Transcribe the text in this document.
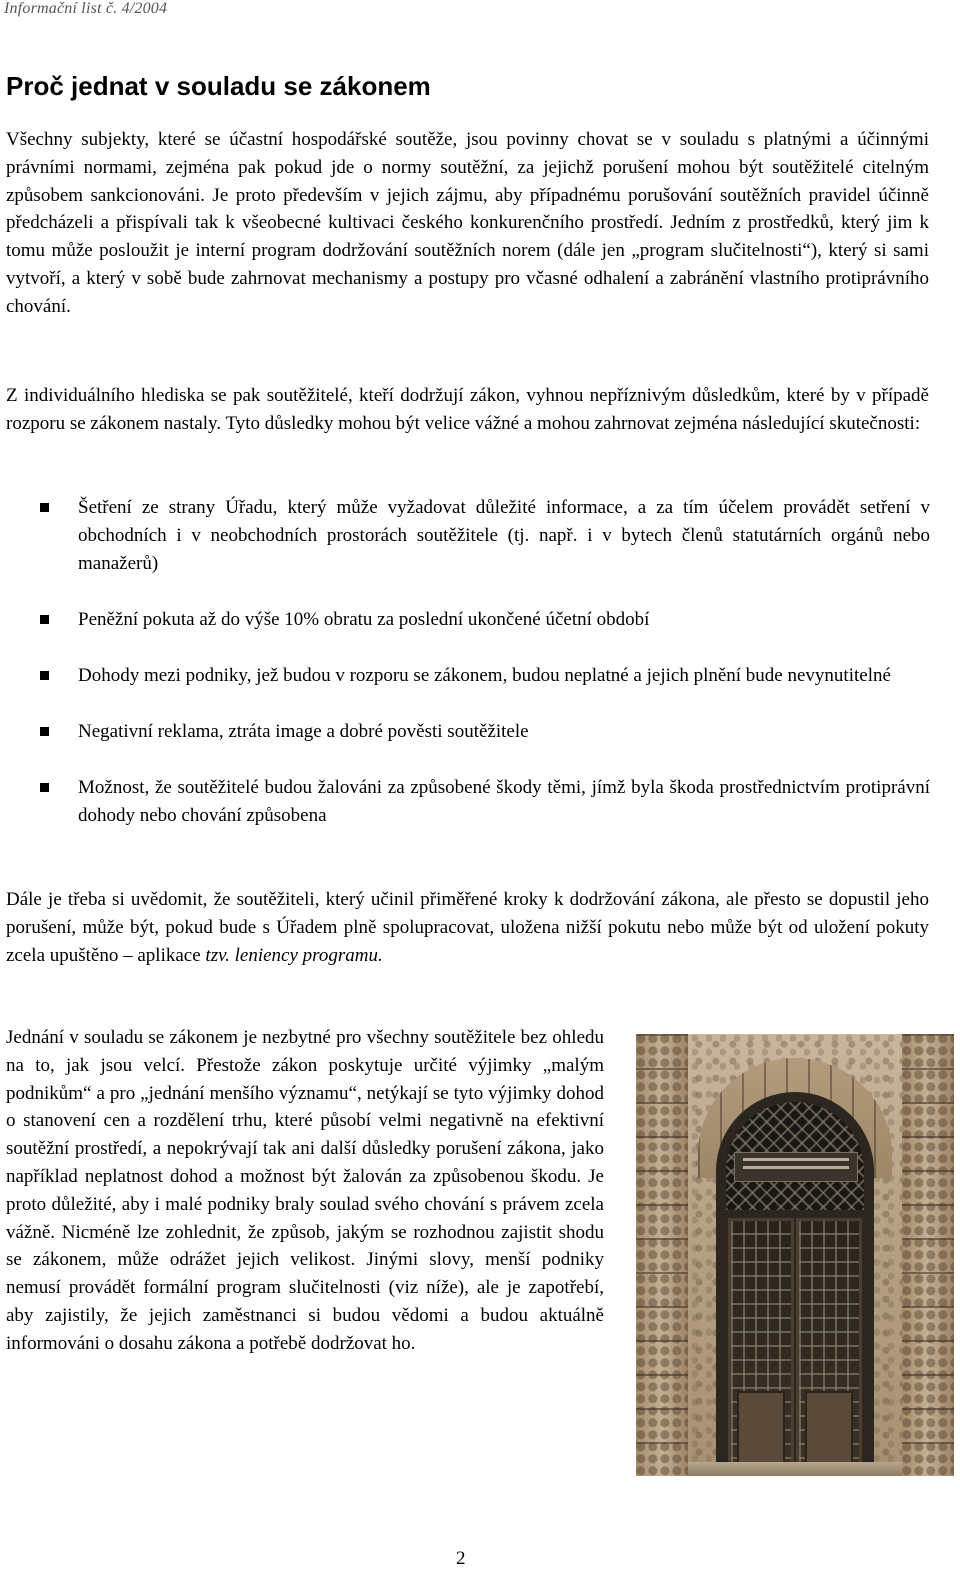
Informační list č. 4/2004
Proč jednat v souladu se zákonem

Všechny subjekty, které se účastní hospodářské soutěže, jsou povinny chovat se v souladu s platnými a účinnými právními normami, zejména pak pokud jde o normy soutěžní, za jejichž porušení mohou být soutěžitelé citelným způsobem sankcionováni. Je proto především v jejich zájmu, aby případnému porušování soutěžních pravidel účinně předcházeli a přispívali tak k všeobecné kultivaci českého konkurenčního prostředí. Jedním z prostředků, který jim k tomu může posloužit je interní program dodržování soutěžních norem (dále jen „program slučitelnosti“), který si sami vytvoří, a který v sobě bude zahrnovat mechanismy a postupy pro včasné odhalení a zabránění vlastního protiprávního chování.

Z individuálního hlediska se pak soutěžitelé, kteří dodržují zákon, vyhnou nepříznivým důsledkům, které by v případě rozporu se zákonem nastaly. Tyto důsledky mohou být velice vážné a mohou zahrnovat zejména následující skutečnosti:

Šetření ze strany Úřadu, který může vyžadovat důležité informace, a za tím účelem provádět setření v obchodních i v neobchodních prostorách soutěžitele (tj. např. i v bytech členů statutárních orgánů nebo manažerů)
Peněžní pokuta až do výše 10% obratu za poslední ukončené účetní období
Dohody mezi podniky, jež budou v rozporu se zákonem, budou neplatné a jejich plnění bude nevynutitelné
Negativní reklama, ztráta image a dobré pověsti soutěžitele
Možnost, že soutěžitelé budou žalováni za způsobené škody těmi, jímž byla škoda prostřednictvím protiprávní dohody nebo chování způsobena

Dále je třeba si uvědomit, že soutěžiteli, který učinil přiměřené kroky k dodržování zákona, ale přesto se dopustil jeho porušení, může být, pokud bude s Úřadem plně spolupracovat, uložena nižší pokutu nebo může být od uložení pokuty zcela upuštěno – aplikace tzv. leniency programu.

Jednání v souladu se zákonem je nezbytné pro všechny soutěžitele bez ohledu na to, jak jsou velcí. Přestože zákon poskytuje určité výjimky „malým podnikům“ a pro „jednání menšího významu“, netýkají se tyto výjimky dohod o stanovení cen a rozdělení trhu, které působí velmi negativně na efektivní soutěžní prostředí, a nepokrývají tak ani další důsledky porušení zákona, jako například neplatnost dohod a možnost být žalován za způsobenou škodu. Je proto důležité, aby i malé podniky braly soulad svého chování s právem zcela vážně. Nicméně lze zohlednit, že způsob, jakým se rozhodnou zajistit shodu se zákonem, může odrážet jejich velikost. Jinými slovy, menší podniky nemusí provádět formální program slučitelnosti (viz níže), ale je zapotřebí, aby zajistily, že jejich zaměstnanci si budou vědomi a budou aktuálně informováni o dosahu zákona a potřebě dodržovat ho.

2
